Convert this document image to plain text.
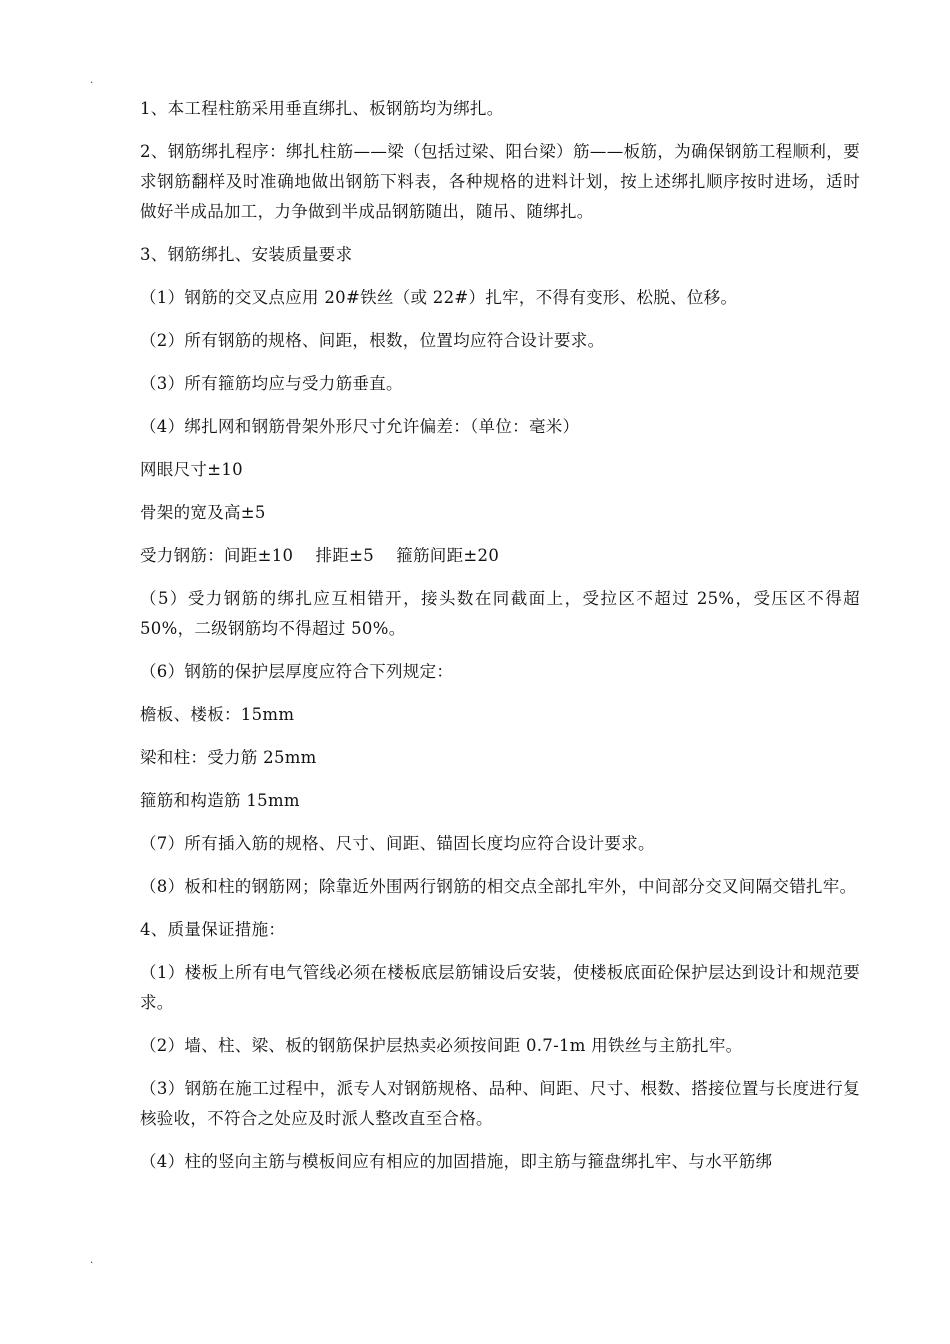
.

1、本工程柱筋采用垂直绑扎、板钢筋均为绑扎。

2、钢筋绑扎程序：绑扎柱筋——梁（包括过梁、阳台梁）筋——板筋，为确保钢筋工程顺利，要求钢筋翻样及时准确地做出钢筋下料表，各种规格的进料计划，按上述绑扎顺序按时进场，适时做好半成品加工，力争做到半成品钢筋随出，随吊、随绑扎。

3、钢筋绑扎、安装质量要求

（1）钢筋的交叉点应用 20#铁丝（或 22#）扎牢，不得有变形、松脱、位移。

（2）所有钢筋的规格、间距，根数，位置均应符合设计要求。

（3）所有箍筋均应与受力筋垂直。

（4）绑扎网和钢筋骨架外形尺寸允许偏差：（单位：毫米）

网眼尺寸±10

骨架的宽及高±5

受力钢筋：间距±10    排距±5    箍筋间距±20

（5）受力钢筋的绑扎应互相错开，接头数在同截面上，受拉区不超过 25%，受压区不得超 50%，二级钢筋均不得超过 50%。

（6）钢筋的保护层厚度应符合下列规定：

檐板、楼板：15mm

梁和柱：受力筋 25mm

箍筋和构造筋 15mm

（7）所有插入筋的规格、尺寸、间距、锚固长度均应符合设计要求。

（8）板和柱的钢筋网；除靠近外围两行钢筋的相交点全部扎牢外，中间部分交叉间隔交错扎牢。

4、质量保证措施：

（1）楼板上所有电气管线必须在楼板底层筋铺设后安装，使楼板底面砼保护层达到设计和规范要求。

（2）墙、柱、梁、板的钢筋保护层热卖必须按间距 0.7-1m 用铁丝与主筋扎牢。

（3）钢筋在施工过程中，派专人对钢筋规格、品种、间距、尺寸、根数、搭接位置与长度进行复核验收，不符合之处应及时派人整改直至合格。

（4）柱的竖向主筋与模板间应有相应的加固措施，即主筋与箍盘绑扎牢、与水平筋绑

.
